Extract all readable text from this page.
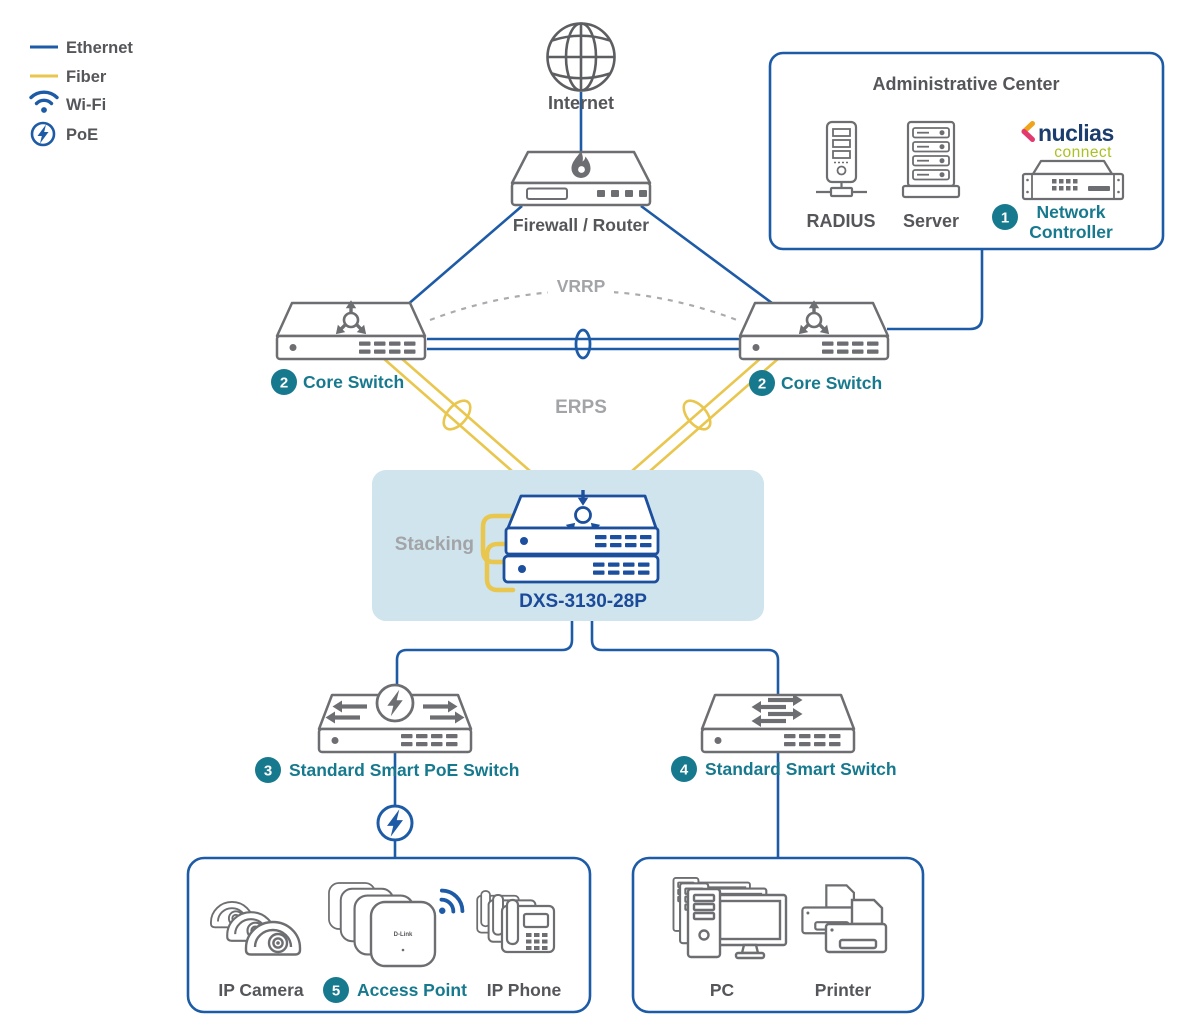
Ethernet
Fiber
Wi-Fi
PoE
VRRP
ERPS
Internet
Firewall / Router
2 Core Switch	2 Core Switch
Stacking
DXS-3130-28P
3 Standard Smart PoE Switch	4 Standard Smart Switch
D-Link
IP Camera 5 Access Point IP Phone	PC	Printer
Administrative Center
RADIUS Server
nuclias
connect
1 Network
Controller
